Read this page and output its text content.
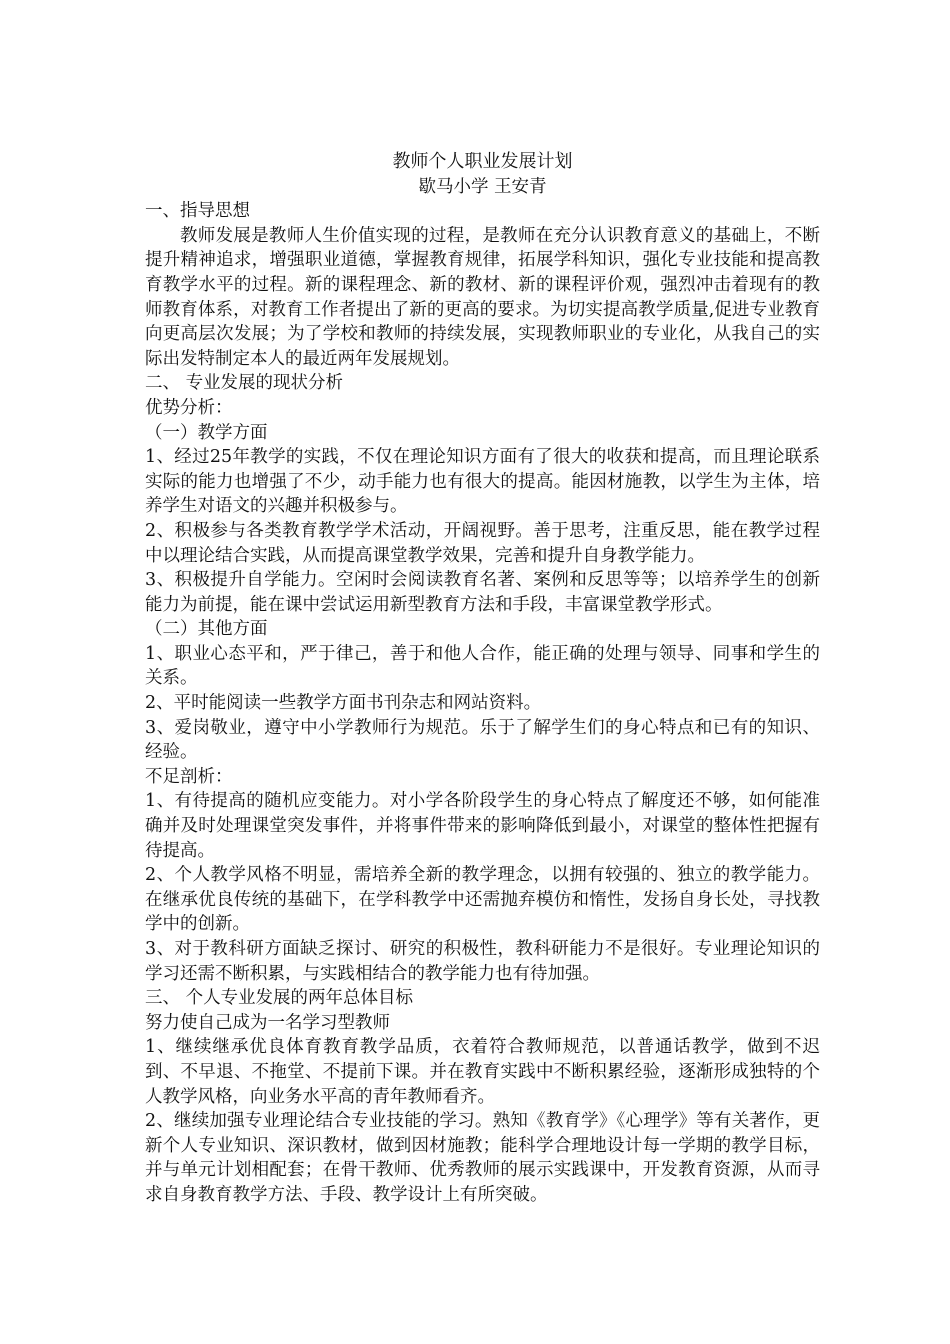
教师个人职业发展计划
歇马小学 王安青

一、指导思想

教师发展是教师人生价值实现的过程，是教师在充分认识教育意义的基础上，不断提升精神追求，增强职业道德，掌握教育规律，拓展学科知识，强化专业技能和提高教育教学水平的过程。新的课程理念、新的教材、新的课程评价观，强烈冲击着现有的教师教育体系，对教育工作者提出了新的更高的要求。为切实提高教学质量,促进专业教育向更高层次发展；为了学校和教师的持续发展，实现教师职业的专业化，从我自己的实际出发特制定本人的最近两年发展规划。

二、 专业发展的现状分析

优势分析：

（一）教学方面

1、经过25年教学的实践，不仅在理论知识方面有了很大的收获和提高，而且理论联系实际的能力也增强了不少，动手能力也有很大的提高。能因材施教，以学生为主体，培养学生对语文的兴趣并积极参与。

2、积极参与各类教育教学学术活动，开阔视野。善于思考，注重反思，能在教学过程中以理论结合实践，从而提高课堂教学效果，完善和提升自身教学能力。

3、积极提升自学能力。空闲时会阅读教育名著、案例和反思等等；以培养学生的创新能力为前提，能在课中尝试运用新型教育方法和手段，丰富课堂教学形式。

（二）其他方面

1、职业心态平和，严于律己，善于和他人合作，能正确的处理与领导、同事和学生的关系。

2、平时能阅读一些教学方面书刊杂志和网站资料。

3、爱岗敬业，遵守中小学教师行为规范。乐于了解学生们的身心特点和已有的知识、经验。

不足剖析：

1、有待提高的随机应变能力。对小学各阶段学生的身心特点了解度还不够，如何能准确并及时处理课堂突发事件，并将事件带来的影响降低到最小，对课堂的整体性把握有待提高。

2、个人教学风格不明显，需培养全新的教学理念，以拥有较强的、独立的教学能力。在继承优良传统的基础下，在学科教学中还需抛弃模仿和惰性，发扬自身长处，寻找教学中的创新。

3、对于教科研方面缺乏探讨、研究的积极性，教科研能力不是很好。专业理论知识的学习还需不断积累，与实践相结合的教学能力也有待加强。

三、 个人专业发展的两年总体目标

努力使自己成为一名学习型教师

1、继续继承优良体育教育教学品质，衣着符合教师规范，以普通话教学，做到不迟到、不早退、不拖堂、不提前下课。并在教育实践中不断积累经验，逐渐形成独特的个人教学风格，向业务水平高的青年教师看齐。

2、继续加强专业理论结合专业技能的学习。熟知《教育学》《心理学》等有关著作，更新个人专业知识、深识教材，做到因材施教；能科学合理地设计每一学期的教学目标，并与单元计划相配套；在骨干教师、优秀教师的展示实践课中，开发教育资源，从而寻求自身教育教学方法、手段、教学设计上有所突破。
